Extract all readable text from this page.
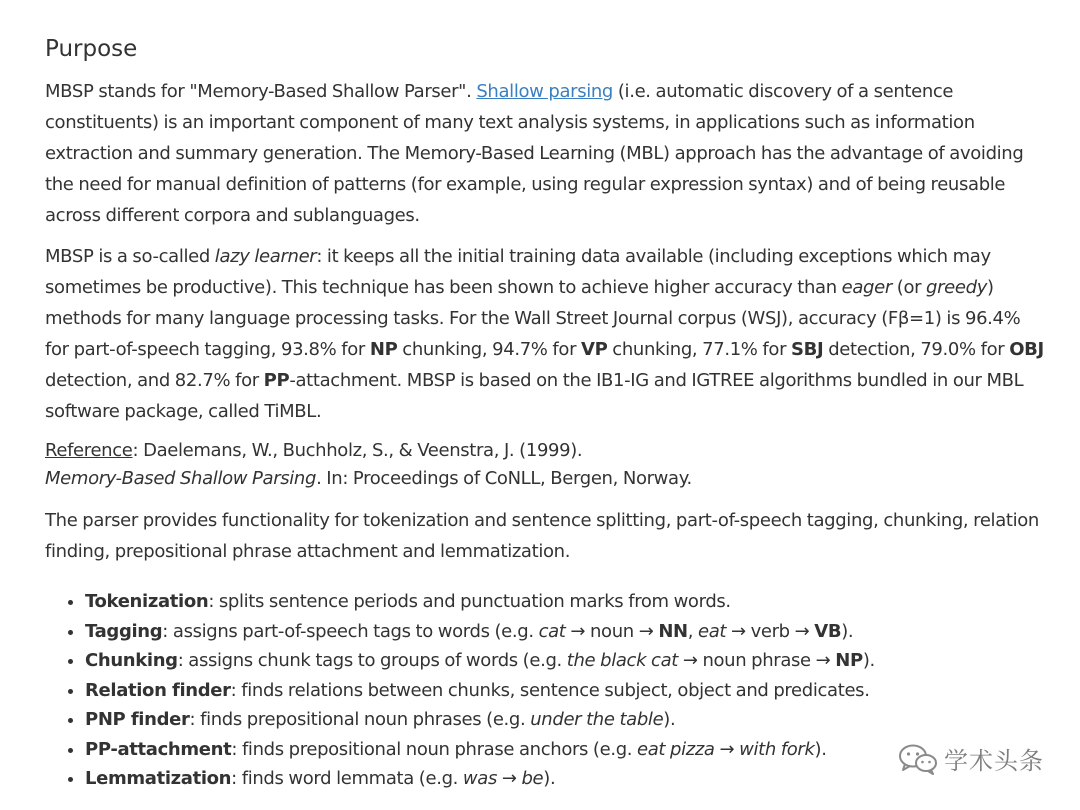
Purpose

MBSP stands for "Memory-Based Shallow Parser". Shallow parsing (i.e. automatic discovery of a sentence constituents) is an important component of many text analysis systems, in applications such as information extraction and summary generation. The Memory-Based Learning (MBL) approach has the advantage of avoiding the need for manual definition of patterns (for example, using regular expression syntax) and of being reusable across different corpora and sublanguages.

MBSP is a so-called lazy learner: it keeps all the initial training data available (including exceptions which may sometimes be productive). This technique has been shown to achieve higher accuracy than eager (or greedy) methods for many language processing tasks. For the Wall Street Journal corpus (WSJ), accuracy (Fβ=1) is 96.4% for part-of-speech tagging, 93.8% for NP chunking, 94.7% for VP chunking, 77.1% for SBJ detection, 79.0% for OBJ detection, and 82.7% for PP-attachment. MBSP is based on the IB1-IG and IGTREE algorithms bundled in our MBL software package, called TiMBL.

Reference: Daelemans, W., Buchholz, S., & Veenstra, J. (1999).
Memory-Based Shallow Parsing. In: Proceedings of CoNLL, Bergen, Norway.

The parser provides functionality for tokenization and sentence splitting, part-of-speech tagging, chunking, relation finding, prepositional phrase attachment and lemmatization.

• Tokenization: splits sentence periods and punctuation marks from words.
• Tagging: assigns part-of-speech tags to words (e.g. cat → noun → NN, eat → verb → VB).
• Chunking: assigns chunk tags to groups of words (e.g. the black cat → noun phrase → NP).
• Relation finder: finds relations between chunks, sentence subject, object and predicates.
• PNP finder: finds prepositional noun phrases (e.g. under the table).
• PP-attachment: finds prepositional noun phrase anchors (e.g. eat pizza → with fork).
• Lemmatization: finds word lemmata (e.g. was → be).
学术头条
